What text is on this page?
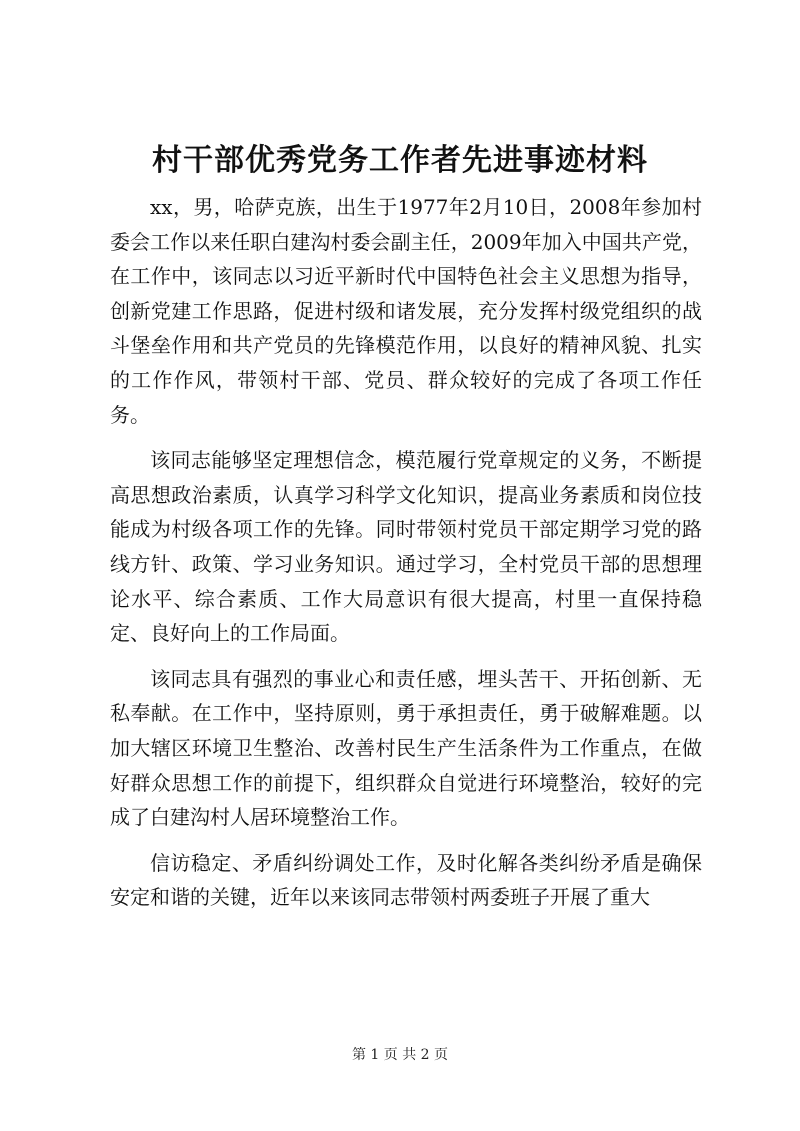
村干部优秀党务工作者先进事迹材料

xx，男，哈萨克族，出生于1977年2月10日，2008年参加村委会工作以来任职白建沟村委会副主任，2009年加入中国共产党，在工作中，该同志以习近平新时代中国特色社会主义思想为指导，创新党建工作思路，促进村级和诸发展，充分发挥村级党组织的战斗堡垒作用和共产党员的先锋模范作用，以良好的精神风貌、扎实的工作作风，带领村干部、党员、群众较好的完成了各项工作任务。

该同志能够坚定理想信念，模范履行党章规定的义务，不断提高思想政治素质，认真学习科学文化知识，提高业务素质和岗位技能成为村级各项工作的先锋。同时带领村党员干部定期学习党的路线方针、政策、学习业务知识。通过学习，全村党员干部的思想理论水平、综合素质、工作大局意识有很大提高，村里一直保持稳定、良好向上的工作局面。

该同志具有强烈的事业心和责任感，埋头苦干、开拓创新、无私奉献。在工作中，坚持原则，勇于承担责任，勇于破解难题。以加大辖区环境卫生整治、改善村民生产生活条件为工作重点，在做好群众思想工作的前提下，组织群众自觉进行环境整治，较好的完成了白建沟村人居环境整治工作。

信访稳定、矛盾纠纷调处工作，及时化解各类纠纷矛盾是确保安定和谐的关键，近年以来该同志带领村两委班子开展了重大

第 1 页 共 2 页
